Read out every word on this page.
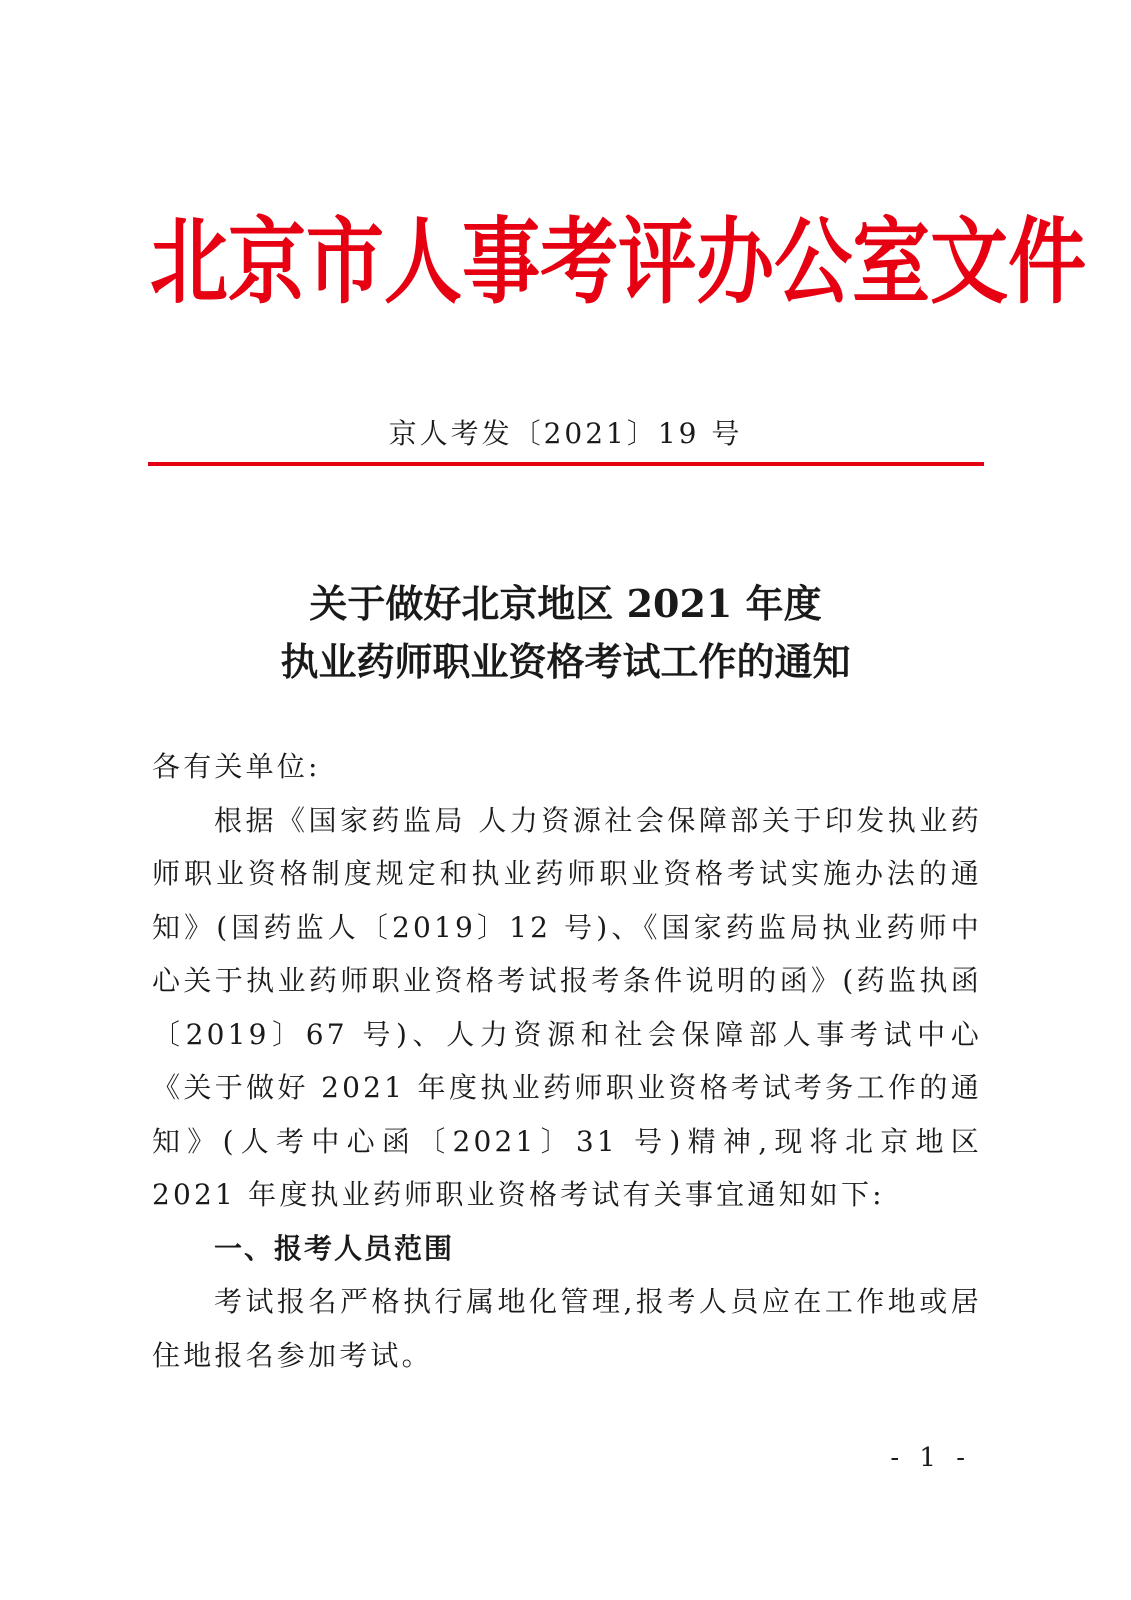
北 京 市 人 事 考 评 办 公 室 文 件
京人考发〔2021〕19 号
关于做好北京地区 2021 年度
执业药师职业资格考试工作的通知

各有关单位:

根据《国家药监局 人力资源社会保障部关于印发执业药师职业资格制度规定和执业药师职业资格考试实施办法的通知》(国药监人〔2019〕12 号)、《国家药监局执业药师中心关于执业药师职业资格考试报考条件说明的函》(药监执函〔2019〕67 号)、人力资源和社会保障部人事考试中心《关于做好 2021 年度执业药师职业资格考试考务工作的通知》(人考中心函〔2021〕31 号)精神,现将北京地区 2021 年度执业药师职业资格考试有关事宜通知如下:

一、报考人员范围

考试报名严格执行属地化管理,报考人员应在工作地或居住地报名参加考试。

- 1 -
